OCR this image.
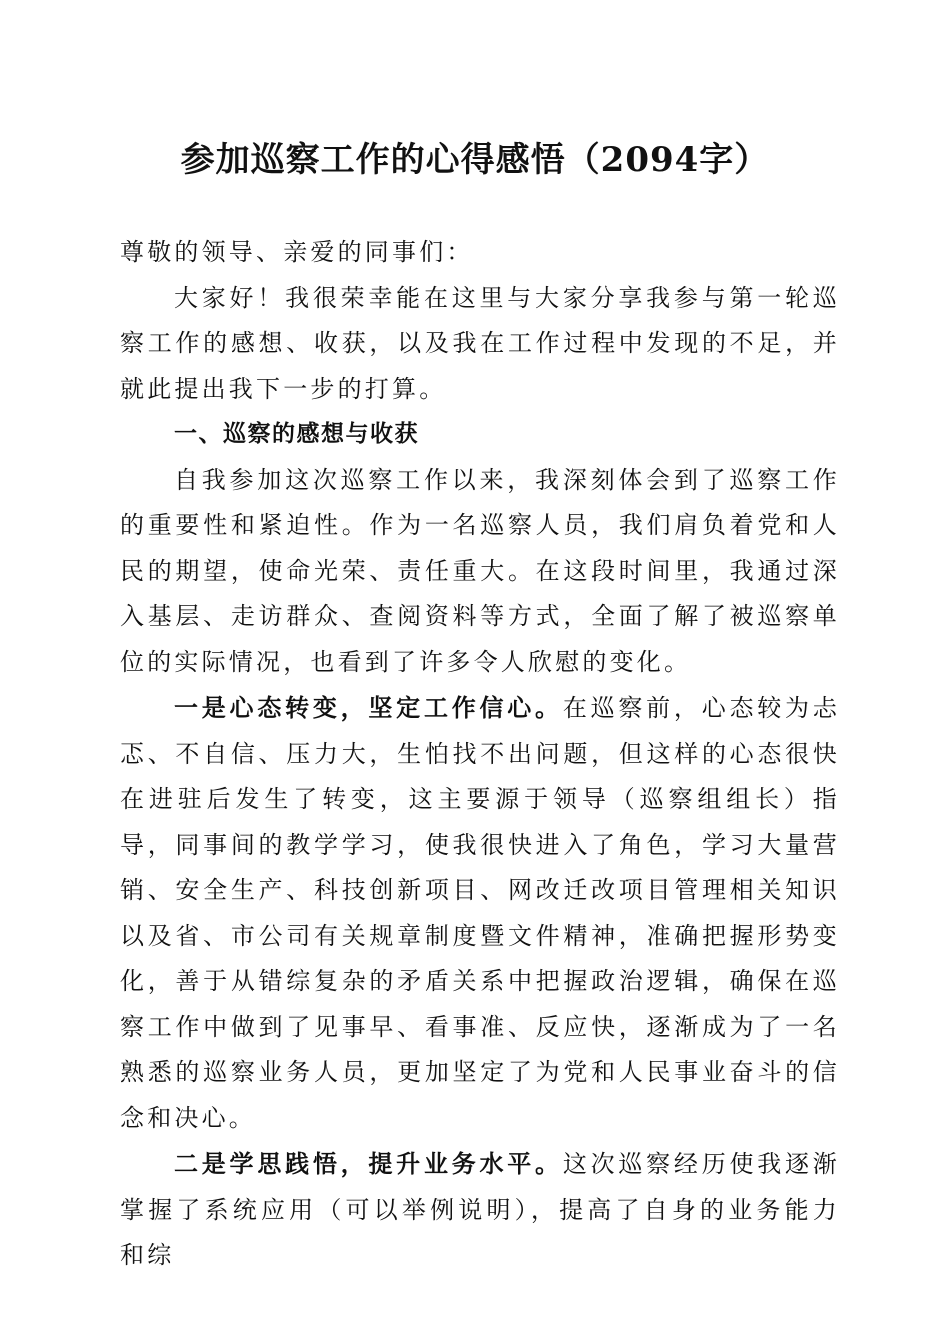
参加巡察工作的心得感悟（2094字）

尊敬的领导、亲爱的同事们：

大家好！我很荣幸能在这里与大家分享我参与第一轮巡察工作的感想、收获，以及我在工作过程中发现的不足，并就此提出我下一步的打算。

一、巡察的感想与收获

自我参加这次巡察工作以来，我深刻体会到了巡察工作的重要性和紧迫性。作为一名巡察人员，我们肩负着党和人民的期望，使命光荣、责任重大。在这段时间里，我通过深入基层、走访群众、查阅资料等方式，全面了解了被巡察单位的实际情况，也看到了许多令人欣慰的变化。

一是心态转变，坚定工作信心。在巡察前，心态较为忐忑、不自信、压力大，生怕找不出问题，但这样的心态很快在进驻后发生了转变，这主要源于领导（巡察组组长）指导，同事间的教学学习，使我很快进入了角色，学习大量营销、安全生产、科技创新项目、网改迁改项目管理相关知识以及省、市公司有关规章制度暨文件精神，准确把握形势变化，善于从错综复杂的矛盾关系中把握政治逻辑，确保在巡察工作中做到了见事早、看事准、反应快，逐渐成为了一名熟悉的巡察业务人员，更加坚定了为党和人民事业奋斗的信念和决心。

二是学思践悟，提升业务水平。这次巡察经历使我逐渐掌握了系统应用（可以举例说明），提高了自身的业务能力和综
